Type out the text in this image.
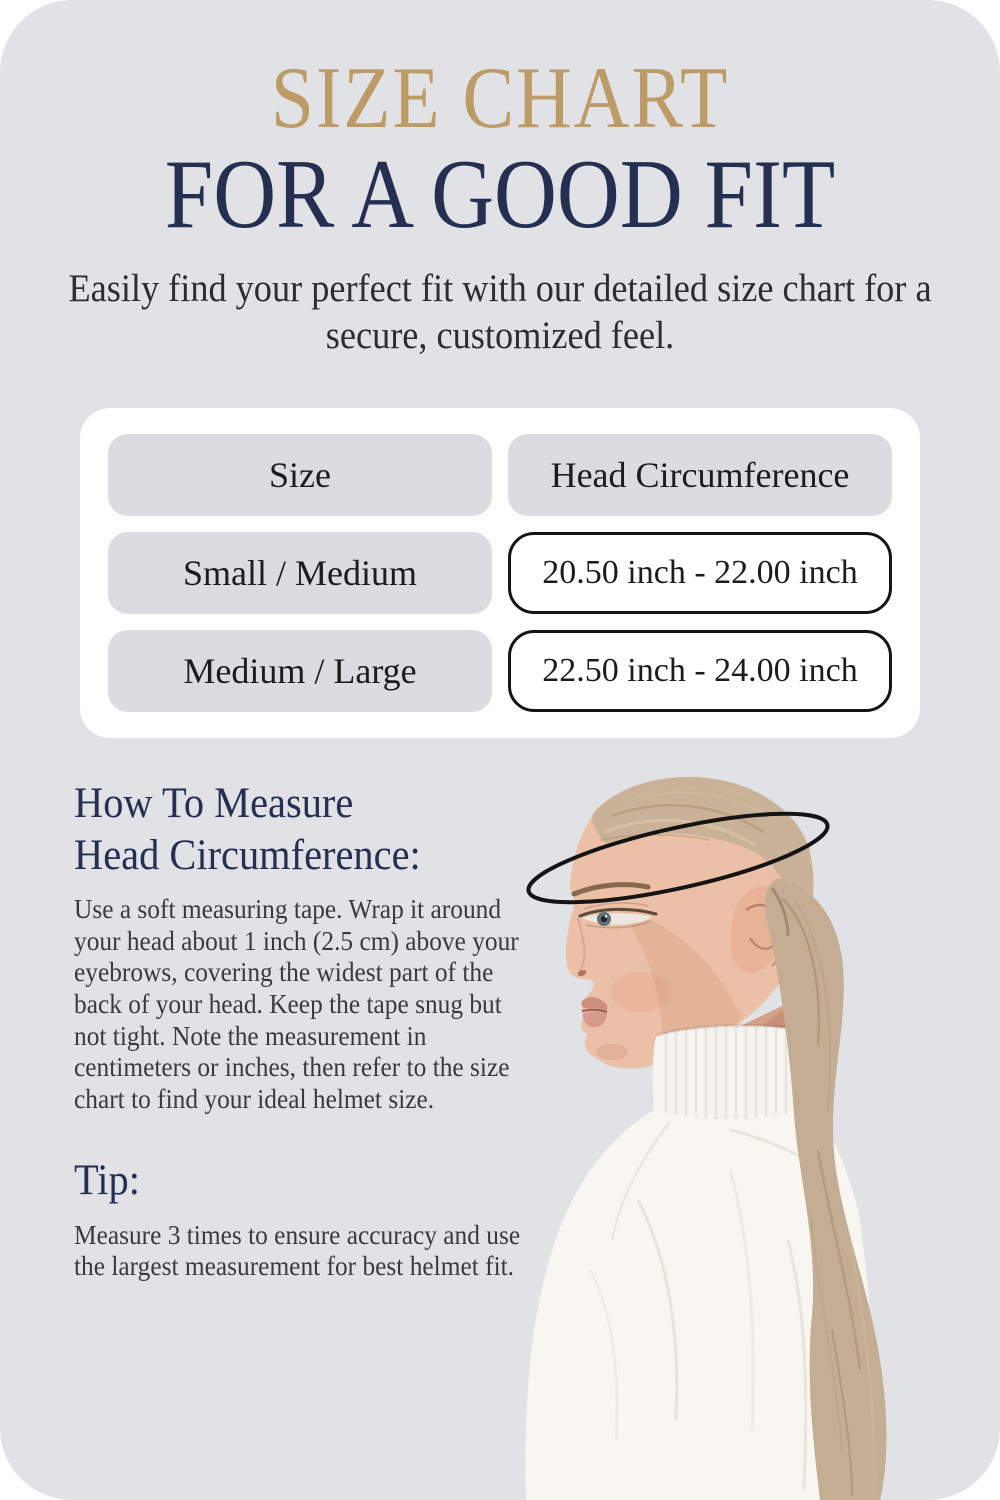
SIZE CHART
FOR A GOOD FIT
Easily find your perfect fit with our detailed size chart for a secure, customized feel.
Size	Head Circumference
Small / Medium	20.50 inch - 22.00 inch
Medium / Large	22.50 inch - 24.00 inch
How To Measure
Head Circumference:
Use a soft measuring tape. Wrap it around your head about 1 inch (2.5 cm) above your eyebrows, covering the widest part of the back of your head. Keep the tape snug but not tight. Note the measurement in centimeters or inches, then refer to the size chart to find your ideal helmet size.
Tip:
Measure 3 times to ensure accuracy and use the largest measurement for best helmet fit.
